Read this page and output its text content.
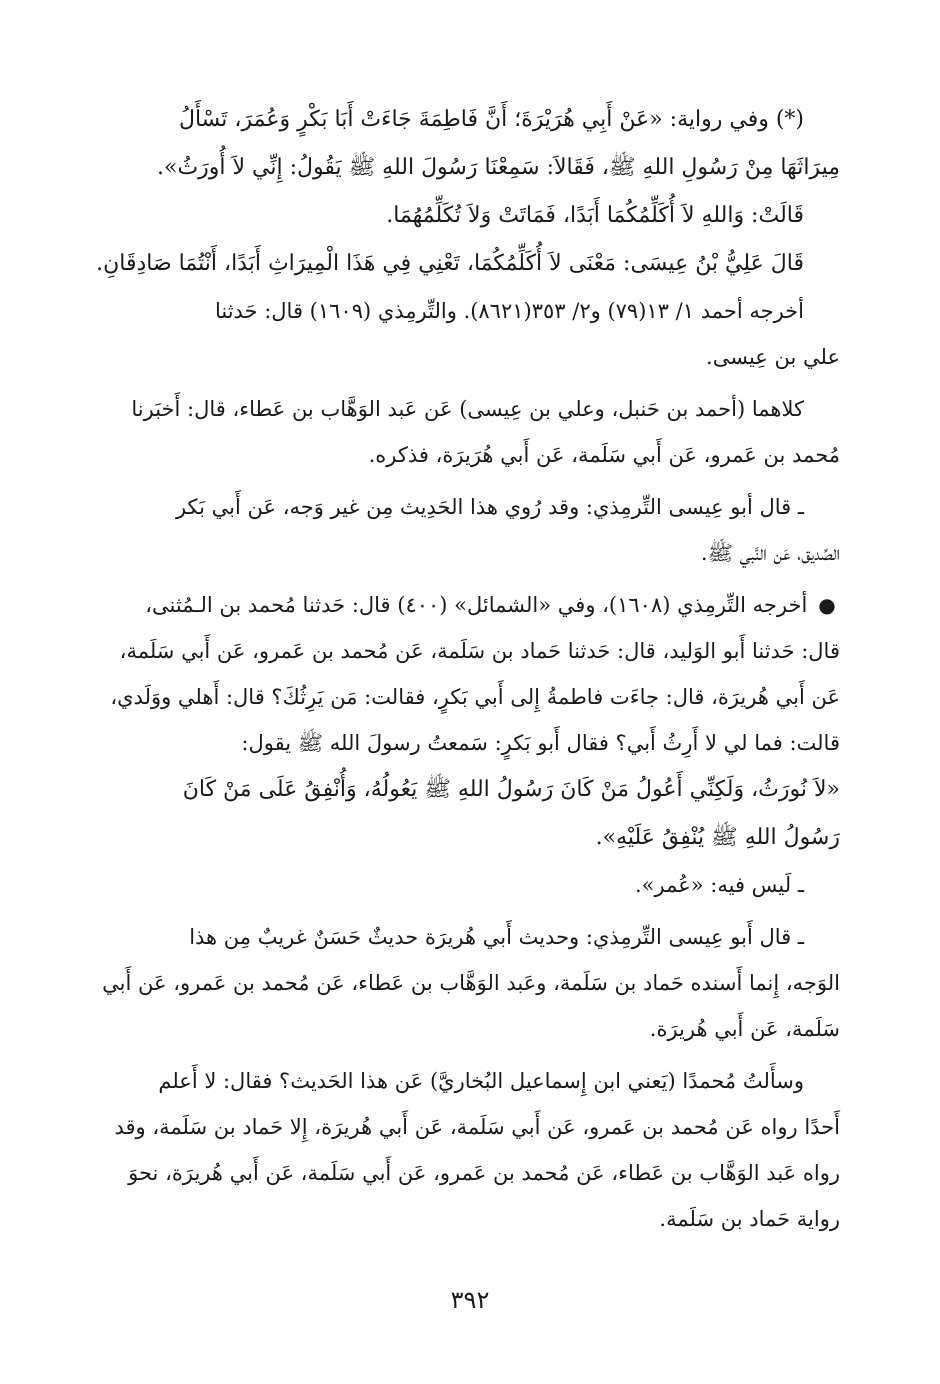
(*) وفي رواية: «عَنْ أَبِي هُرَيْرَةَ؛ أَنَّ فَاطِمَةَ جَاءَتْ أَبَا بَكْرٍ وَعُمَرَ، تَسْأَلُ
مِيرَاثَهَا مِنْ رَسُولِ اللهِ ﷺ، فَقَالاَ: سَمِعْنَا رَسُولَ اللهِ ﷺ يَقُولُ: إِنِّي لاَ أُورَثُ».

قَالَتْ: وَاللهِ لاَ أُكَلِّمُكُمَا أَبَدًا، فَمَاتَتْ وَلاَ تُكَلِّمُهُمَا.

قَالَ عَلِيُّ بْنُ عِيسَى: مَعْنَى لاَ أُكَلِّمُكُمَا، تَعْنِي فِي هَذَا الْمِيرَاثِ أَبَدًا، أَنْتُمَا صَادِقَانِ.

أخرجه أحمد ١/ ١٣(٧٩) و٢/ ٣٥٣(٨٦٢١). والتِّرمِذي (١٦٠٩) قال: حَدثنا
علي بن عِيسى.

كلاهما (أحمد بن حَنبل، وعلي بن عِيسى) عَن عَبد الوَهَّاب بن عَطاء، قال: أَخبَرنا
مُحمد بن عَمرو، عَن أَبي سَلَمة، عَن أَبي هُرَيرَة، فذكره.

ـ قال أبو عِيسى التِّرمِذي: وقد رُوي هذا الحَدِيث مِن غير وَجه، عَن أَبي بَكر
الصِّديق، عَن النَّبي ﷺ.

● أخرجه التِّرمِذي (١٦٠٨)، وفي «الشمائل» (٤٠٠) قال: حَدثنا مُحمد بن الـمُثنى،
قال: حَدثنا أَبو الوَليد، قال: حَدثنا حَماد بن سَلَمة، عَن مُحمد بن عَمرو، عَن أَبي سَلَمة،
عَن أَبي هُريرَة، قال: جاءَت فاطمةُ إِلى أَبي بَكرٍ، فقالت: مَن يَرِثُكَ؟ قال: أَهلي ووَلَدي،
قالت: فما لي لا أَرِثُ أَبي؟ فقال أَبو بَكرٍ: سَمعتُ رسولَ الله ﷺ يقول:

«لاَ نُورَثُ، وَلَكِنِّي أَعُولُ مَنْ كَانَ رَسُولُ اللهِ ﷺ يَعُولُهُ، وَأُنْفِقُ عَلَى مَنْ كَانَ
رَسُولُ اللهِ ﷺ يُنْفِقُ عَلَيْهِ».

ـ لَيس فيه: «عُمر».

ـ قال أَبو عِيسى التِّرمِذي: وحديث أَبي هُريرَة حديثٌ حَسَنٌ غريبٌ مِن هذا
الوَجه، إِنما أَسنده حَماد بن سَلَمة، وعَبد الوَهَّاب بن عَطاء، عَن مُحمد بن عَمرو، عَن أَبي
سَلَمة، عَن أَبي هُريرَة.

وسأَلتُ مُحمدًا (يَعني ابن إِسماعيل البُخاريَّ) عَن هذا الحَديث؟ فقال: لا أَعلم
أَحدًا رواه عَن مُحمد بن عَمرو، عَن أَبي سَلَمة، عَن أَبي هُريرَة، إِلا حَماد بن سَلَمة، وقد
رواه عَبد الوَهَّاب بن عَطاء، عَن مُحمد بن عَمرو، عَن أَبي سَلَمة، عَن أَبي هُريرَة، نحوَ
رواية حَماد بن سَلَمة.

٣٩٢
